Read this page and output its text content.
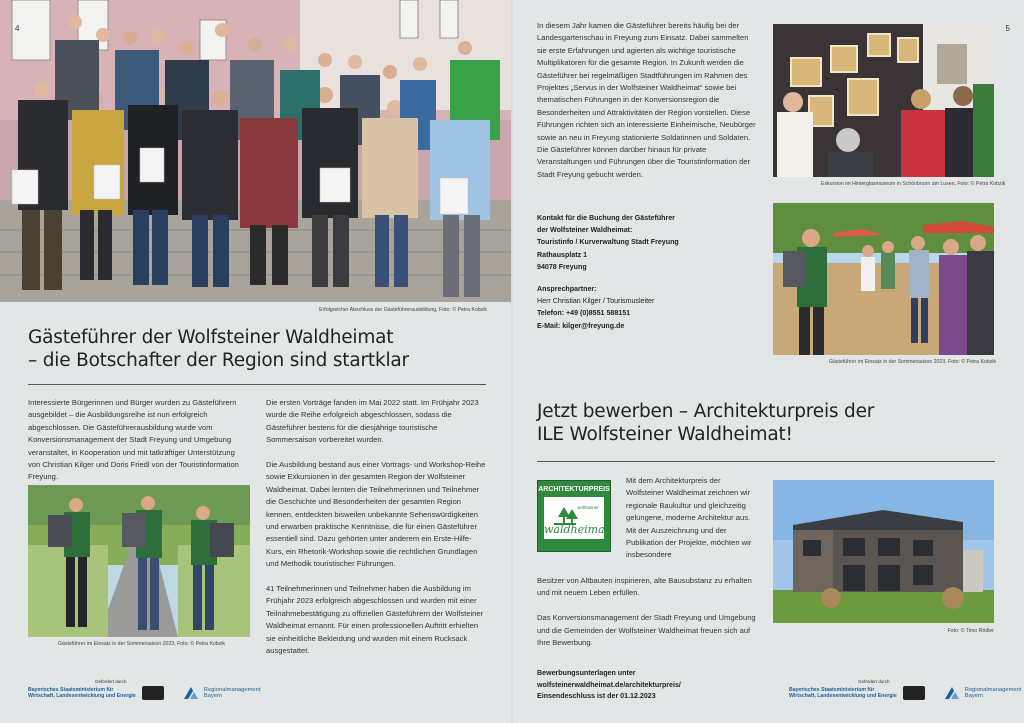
4
Erfolgreicher Abschluss der Gästeführerausbildung, Foto: © Petra Kobzik
Gästeführer der Wolfsteiner Waldheimat
– die Botschafter der Region sind startklar

Interessierte Bürgerinnen und Bürger wurden zu Gästeführern ausgebildet – die Ausbildungsreihe ist nun erfolgreich abgeschlossen. Die Gästeführerausbildung wurde vom Konversionsmanagement der Stadt Freyung und Umgebung veranstaltet, in Kooperation und mit tatkräftiger Unterstützung von Christian Kilger und Doris Friedl von der Touristinformation Freyung.

Gästeführer im Einsatz in der Sommersaison 2023, Foto: © Petra Kobzik

Die ersten Vorträge fanden im Mai 2022 statt. Im Frühjahr 2023 wurde die Reihe erfolgreich abgeschlossen, sodass die Gästeführer bestens für die diesjährige touristische Sommersaison vorbereitet wurden.

Die Ausbildung bestand aus einer Vortrags- und Workshop-Reihe sowie Exkursionen in der gesamten Region der Wolfsteiner Waldheimat. Dabei lernten die Teilnehmerinnen und Teilnehmer die Geschichte und Besonderheiten der gesamten Region kennen, entdeckten bisweilen unbekannte Sehenswürdigkeiten und erwarben praktische Kenntnisse, die für einen Gästeführer essentiell sind. Dazu gehörten unter anderem ein Erste-Hilfe-Kurs, ein Rhetorik-Workshop sowie die rechtlichen Grundlagen und Methodik touristischer Führungen.

41 Teilnehmerinnen und Teilnehmer haben die Ausbildung im Frühjahr 2023 erfolgreich abgeschlossen und wurden mit einer Teilnahmebestätigung zu offiziellen Gästeführern der Wolfsteiner Waldheimat ernannt. Für einen professionellen Auftritt erhielten sie einheitliche Bekleidung und wurden mit einem Rucksack ausgestattet.

Gefördert durch
Bayerisches Staatsministerium für
Wirtschaft, Landesentwicklung und Energie
Regionalmanagement
Bayern
5

In diesem Jahr kamen die Gästeführer bereits häufig bei der Landesgartenschau in Freyung zum Einsatz. Dabei sammelten sie erste Erfahrungen und agierten als wichtige touristische Multiplikatoren für die gesamte Region. In Zukunft werden die Gästeführer bei regelmäßigen Stadtführungen im Rahmen des Projektes „Servus in der Wolfsteiner Waldheimat“ sowie bei thematischen Führungen in der Konversionsregion die Besonderheiten und Attraktivitäten der Region vorstellen. Diese Führungen richten sich an interessierte Einheimische, Neubürger sowie an neu in Freyung stationierte Soldatinnen und Soldaten. Die Gästeführer können darüber hinaus für private Veranstaltungen und Führungen über die Touristinformation der Stadt Freyung gebucht werden.

Kontakt für die Buchung der Gästeführer
der Wolfsteiner Waldheimat:
Touristinfo / Kurverwaltung Stadt Freyung
Rathausplatz 1
94078 Freyung
Ansprechpartner:
Herr Christian Kilger / Tourismusleiter
Telefon: +49 (0)8551 588151
E-Mail: kilger@freyung.de
Exkursion im Hinterglasmuseum in Schönbrunn am Lusen, Foto: © Petra Kobzik
Gästeführer im Einsatz in der Sommersaison 2023, Foto: © Petra Kobzik
Jetzt bewerben – Architekturpreis der
ILE Wolfsteiner Waldheimat!
ARCHITEKTURPREIS
wolfsteiner
waldheimat

Mit dem Architekturpreis der Wolfsteiner Waldheimat zeichnen wir regionale Baukultur und gleichzeitig gelungene, moderne Architektur aus. Mit der Auszeichnung und der Publikation der Projekte, möchten wir insbesondere

Besitzer von Altbauten inspirieren, alte Bausubstanz zu erhalten und mit neuem Leben erfüllen.

Das Konversionsmanagement der Stadt Freyung und Umgebung und die Gemeinden der Wolfsteiner Waldheimat freuen sich auf Ihre Bewerbung.

Bewerbungsunterlagen unter
wolfsteinerwaldheimat.de/architekturpreis/
Einsendeschluss ist der 01.12.2023
Foto: © Timo Rödler
Gefördert durch
Bayerisches Staatsministerium für
Wirtschaft, Landesentwicklung und Energie
Regionalmanagement
Bayern
